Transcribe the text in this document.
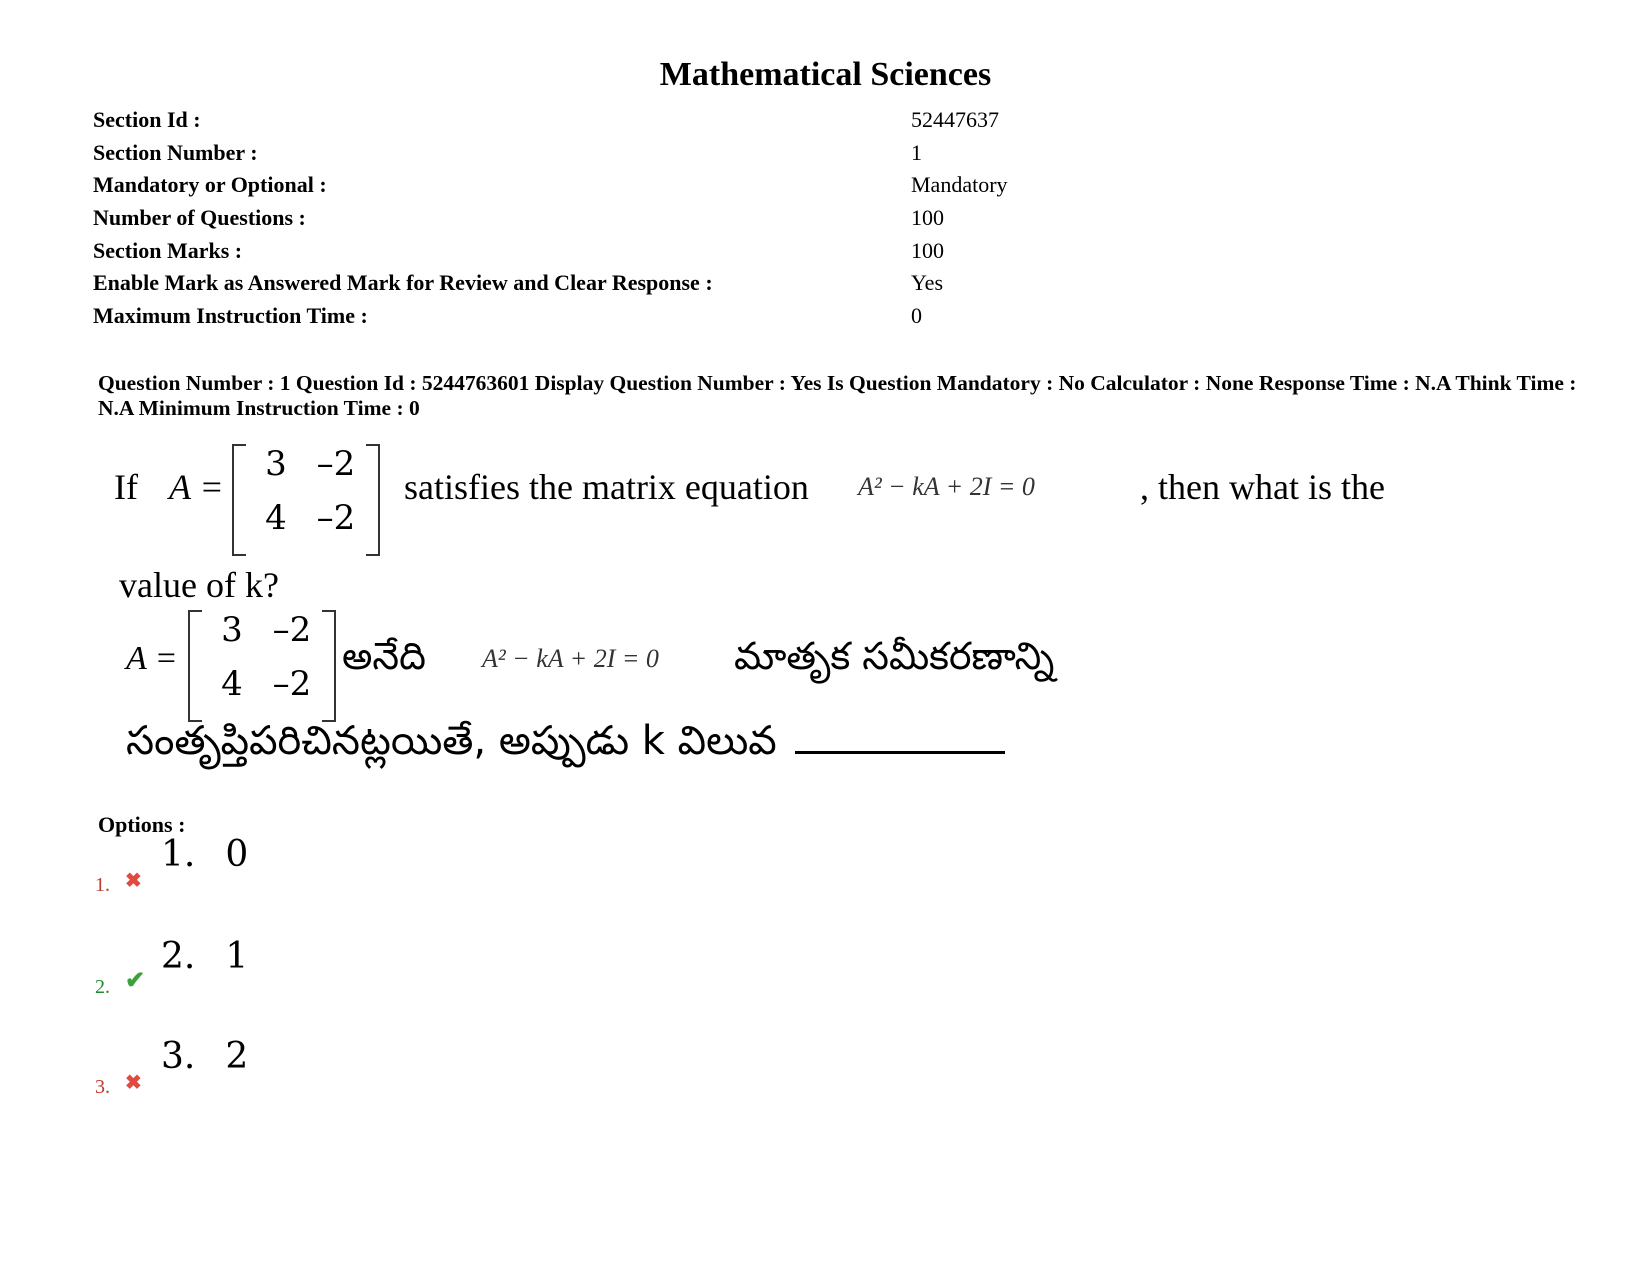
Mathematical Sciences
Section Id :	52447637
Section Number :	1
Mandatory or Optional :	Mandatory
Number of Questions :	100
Section Marks :	100
Enable Mark as Answered Mark for Review and Clear Response :	Yes
Maximum Instruction Time :	0
Question Number : 1 Question Id : 5244763601 Display Question Number : Yes Is Question Mandatory : No Calculator : None Response Time : N.A Think Time : N.A Minimum Instruction Time : 0
If A =
3 –2
4 –2
satisfies the matrix equation A² − kA + 2I = 0	, then what is the
value of k?
A =
3 –2
4 –2
అనేది A² − kA + 2I = 0 మాతృక సమీకరణాన్ని
సంతృప్తిపరిచినట్లయితే, అప్పుడు k విలువ
Options :
1. ✖
1. 0
2. ✔
2. 1
3. ✖
3. 2
